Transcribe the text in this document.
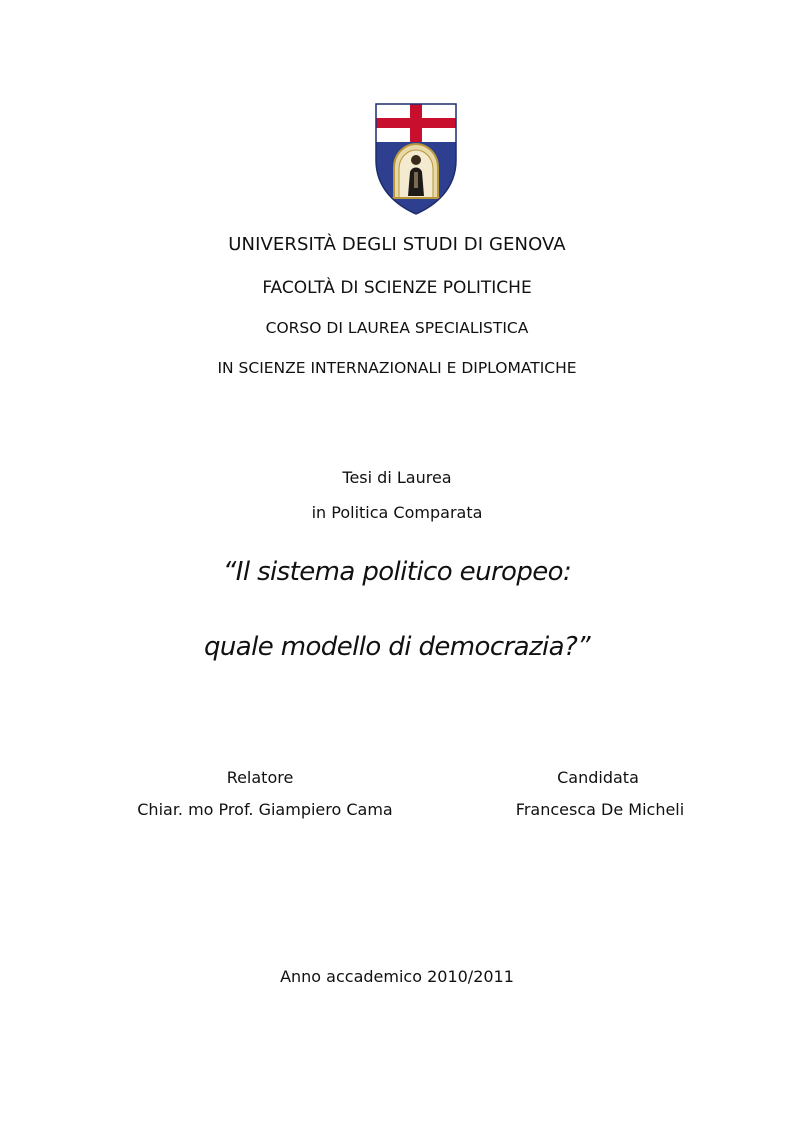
UNIVERSITÀ DEGLI STUDI DI GENOVA
FACOLTÀ DI SCIENZE POLITICHE
CORSO DI LAUREA SPECIALISTICA
IN SCIENZE INTERNAZIONALI E DIPLOMATICHE
Tesi di Laurea
in Politica Comparata
“Il sistema politico europeo:
quale modello di democrazia?”
Relatore
Chiar. mo Prof. Giampiero Cama
Candidata
Francesca De Micheli
Anno accademico 2010/2011
